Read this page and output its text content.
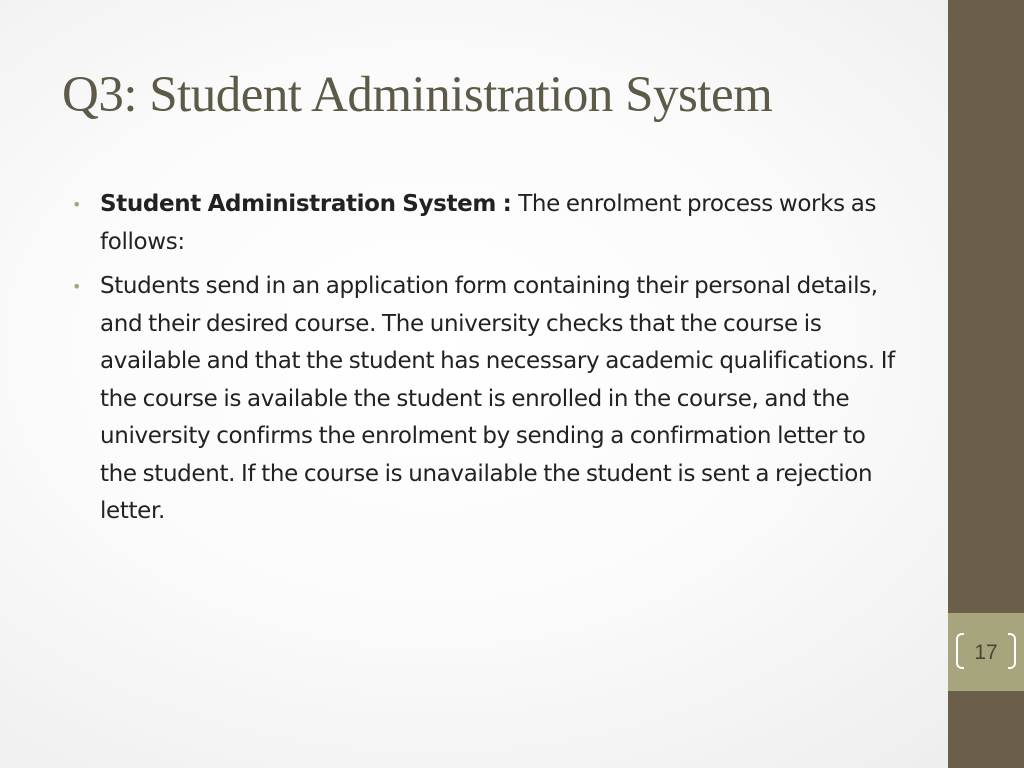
Q3: Student Administration System
• Student Administration System : The enrolment process works as follows:
• Students send in an application form containing their personal details, and their desired course. The university checks that the course is available and that the student has necessary academic qualifications. If the course is available the student is enrolled in the course, and the university confirms the enrolment by sending a confirmation letter to the student. If the course is unavailable the student is sent a rejection letter.
17
